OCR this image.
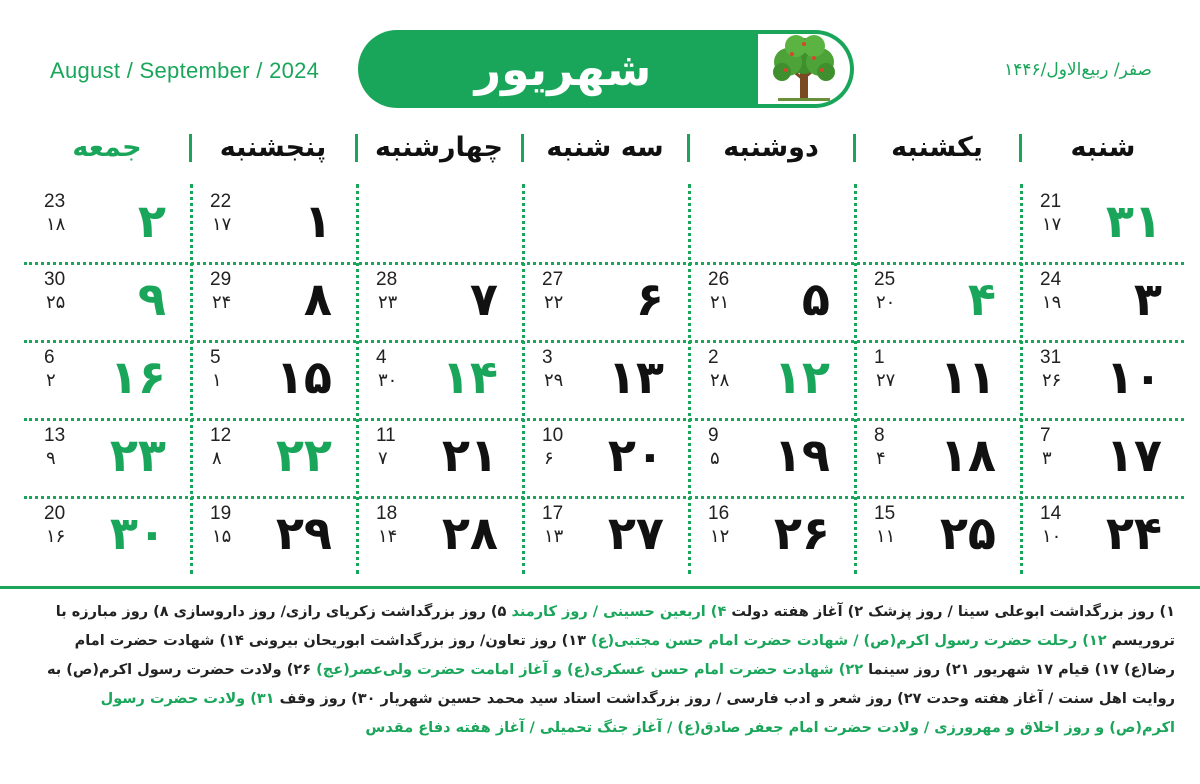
August / September / 2024	شهریور	صفر/ ربیع‌الاول/۱۴۴۶
شنبه
یکشنبه
دوشنبه
سه شنبه
چهارشنبه
پنجشنبه
جمعه
۳۱
21
۱۷
۱
22
۱۷
۲
23
۱۸
۳
24
۱۹
۴
25
۲۰
۵
26
۲۱
۶
27
۲۲
۷
28
۲۳
۸
29
۲۴
۹
30
۲۵
۱۰
31
۲۶
۱۱
1
۲۷
۱۲
2
۲۸
۱۳
3
۲۹
۱۴
4
۳۰
۱۵
5
۱
۱۶
6
۲
۱۷
7
۳
۱۸
8
۴
۱۹
9
۵
۲۰
10
۶
۲۱
11
۷
۲۲
12
۸
۲۳
13
۹
۲۴
14
۱۰
۲۵
15
۱۱
۲۶
16
۱۲
۲۷
17
۱۳
۲۸
18
۱۴
۲۹
19
۱۵
۳۰
20
۱۶
۱) روز بزرگداشت ابوعلی سینا / روز پزشک ۲) آغاز هفته دولت ۴) اربعین حسینی / روز کارمند ۵) روز بزرگداشت زکریای رازی/ روز داروسازی ۸) روز مبارزه با تروریسم ۱۲) رحلت حضرت رسول اکرم(ص) / شهادت حضرت امام حسن مجتبی(ع) ۱۳) روز تعاون/ روز بزرگداشت ابوریحان بیرونی ۱۴) شهادت حضرت امام رضا(ع) ۱۷) قیام ۱۷ شهریور ۲۱) روز سینما ۲۲) شهادت حضرت امام حسن عسکری(ع) و آغاز امامت حضرت ولی‌عصر(عج) ۲۶) ولادت حضرت رسول اکرم(ص) به روایت اهل سنت / آغاز هفته وحدت ۲۷) روز شعر و ادب فارسی / روز بزرگداشت استاد سید محمد حسین شهریار ۳۰) روز وقف ۳۱) ولادت حضرت رسول اکرم(ص) و روز اخلاق و مهرورزی / ولادت حضرت امام جعفر صادق(ع) / آغاز جنگ تحمیلی / آغاز هفته دفاع مقدس
